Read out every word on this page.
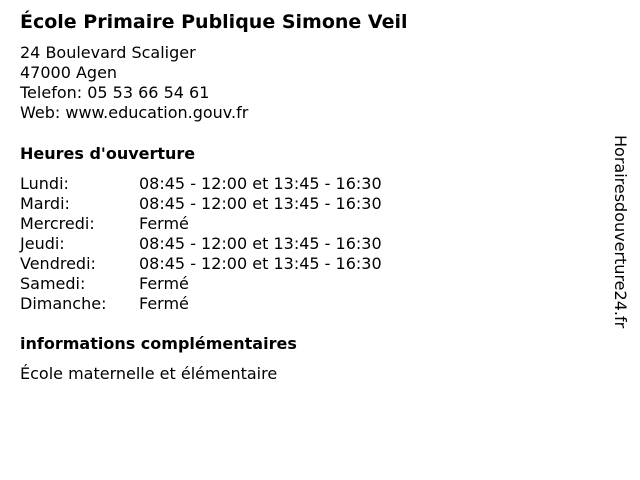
École Primaire Publique Simone Veil
24 Boulevard Scaliger
47000 Agen
Telefon: 05 53 66 54 61
Web: www.education.gouv.fr
Heures d'ouverture
Lundi:	08:45 - 12:00 et 13:45 - 16:30
Mardi:	08:45 - 12:00 et 13:45 - 16:30
Mercredi:	Fermé
Jeudi:	08:45 - 12:00 et 13:45 - 16:30
Vendredi:	08:45 - 12:00 et 13:45 - 16:30
Samedi:	Fermé
Dimanche:	Fermé
informations complémentaires
École maternelle et élémentaire
Horairesdouverture24.fr
